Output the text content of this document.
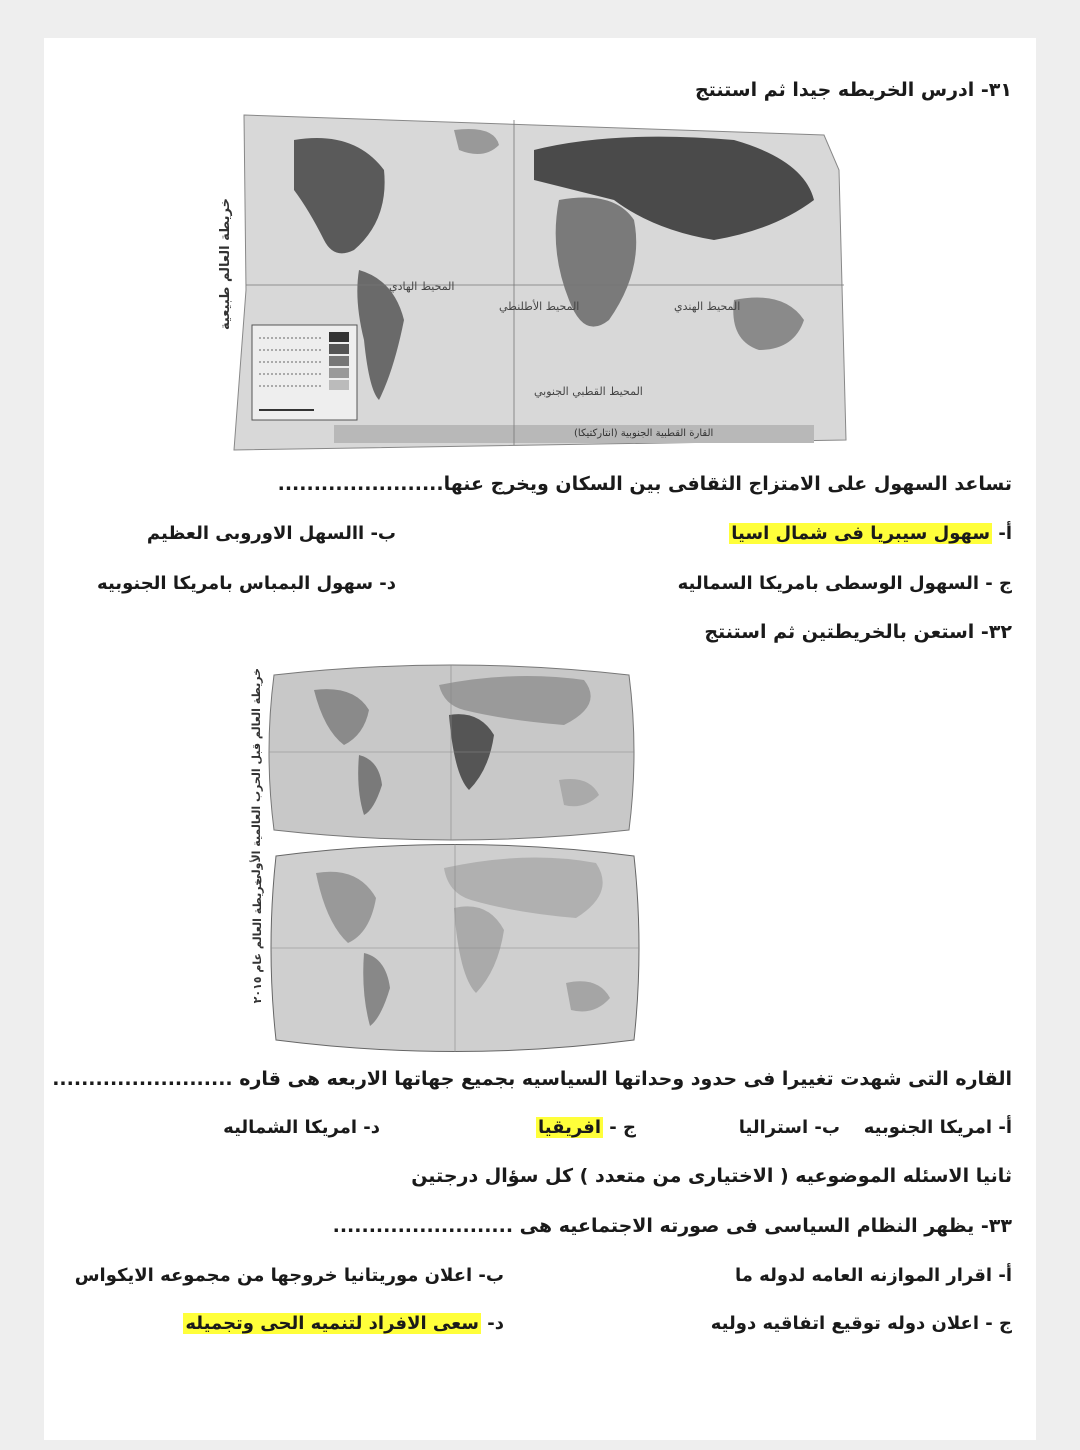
٣١- ادرس الخريطه جيدا ثم استنتج
المحيط الهادي
المحيط الأطلنطي	المحيط الهندي
المحيط القطبي الجنوبي
القارة القطبية الجنوبية (انتاركتيكا)
خريطة العالم طبيعية
تساعد السهول على الامتزاج الثقافى بين السكان ويخرج عنها.......................
أ- سهول سيبريا فى شمال اسيا
ب- االسهل الاوروبى العظيم
ج - السهول الوسطى بامريكا السماليه
د- سهول البمباس بامريكا الجنوبيه
٣٢- استعن بالخريطتين ثم استنتج
خريطة العالم قبل الحرب العالمية الأولى
خريطة العالم عام ٢٠١٥
القاره التى شهدت تغييرا فى حدود وحداتها السياسيه بجميع جهاتها الاربعه هى قاره .........................
أ- امريكا الجنوبيه
ب- استراليا
ج - افريقيا
د- امريكا الشماليه
ثانيا الاسئله الموضوعيه ( الاختيارى من متعدد ) كل سؤال درجتين
٣٣- يظهر النظام السياسى فى صورته الاجتماعيه هى .........................
أ- اقرار الموازنه العامه لدوله ما
ب- اعلان موريتانيا خروجها من مجموعه الايكواس
ج - اعلان دوله توقيع اتفاقيه دوليه
د- سعى الافراد لتنميه الحى وتجميله
